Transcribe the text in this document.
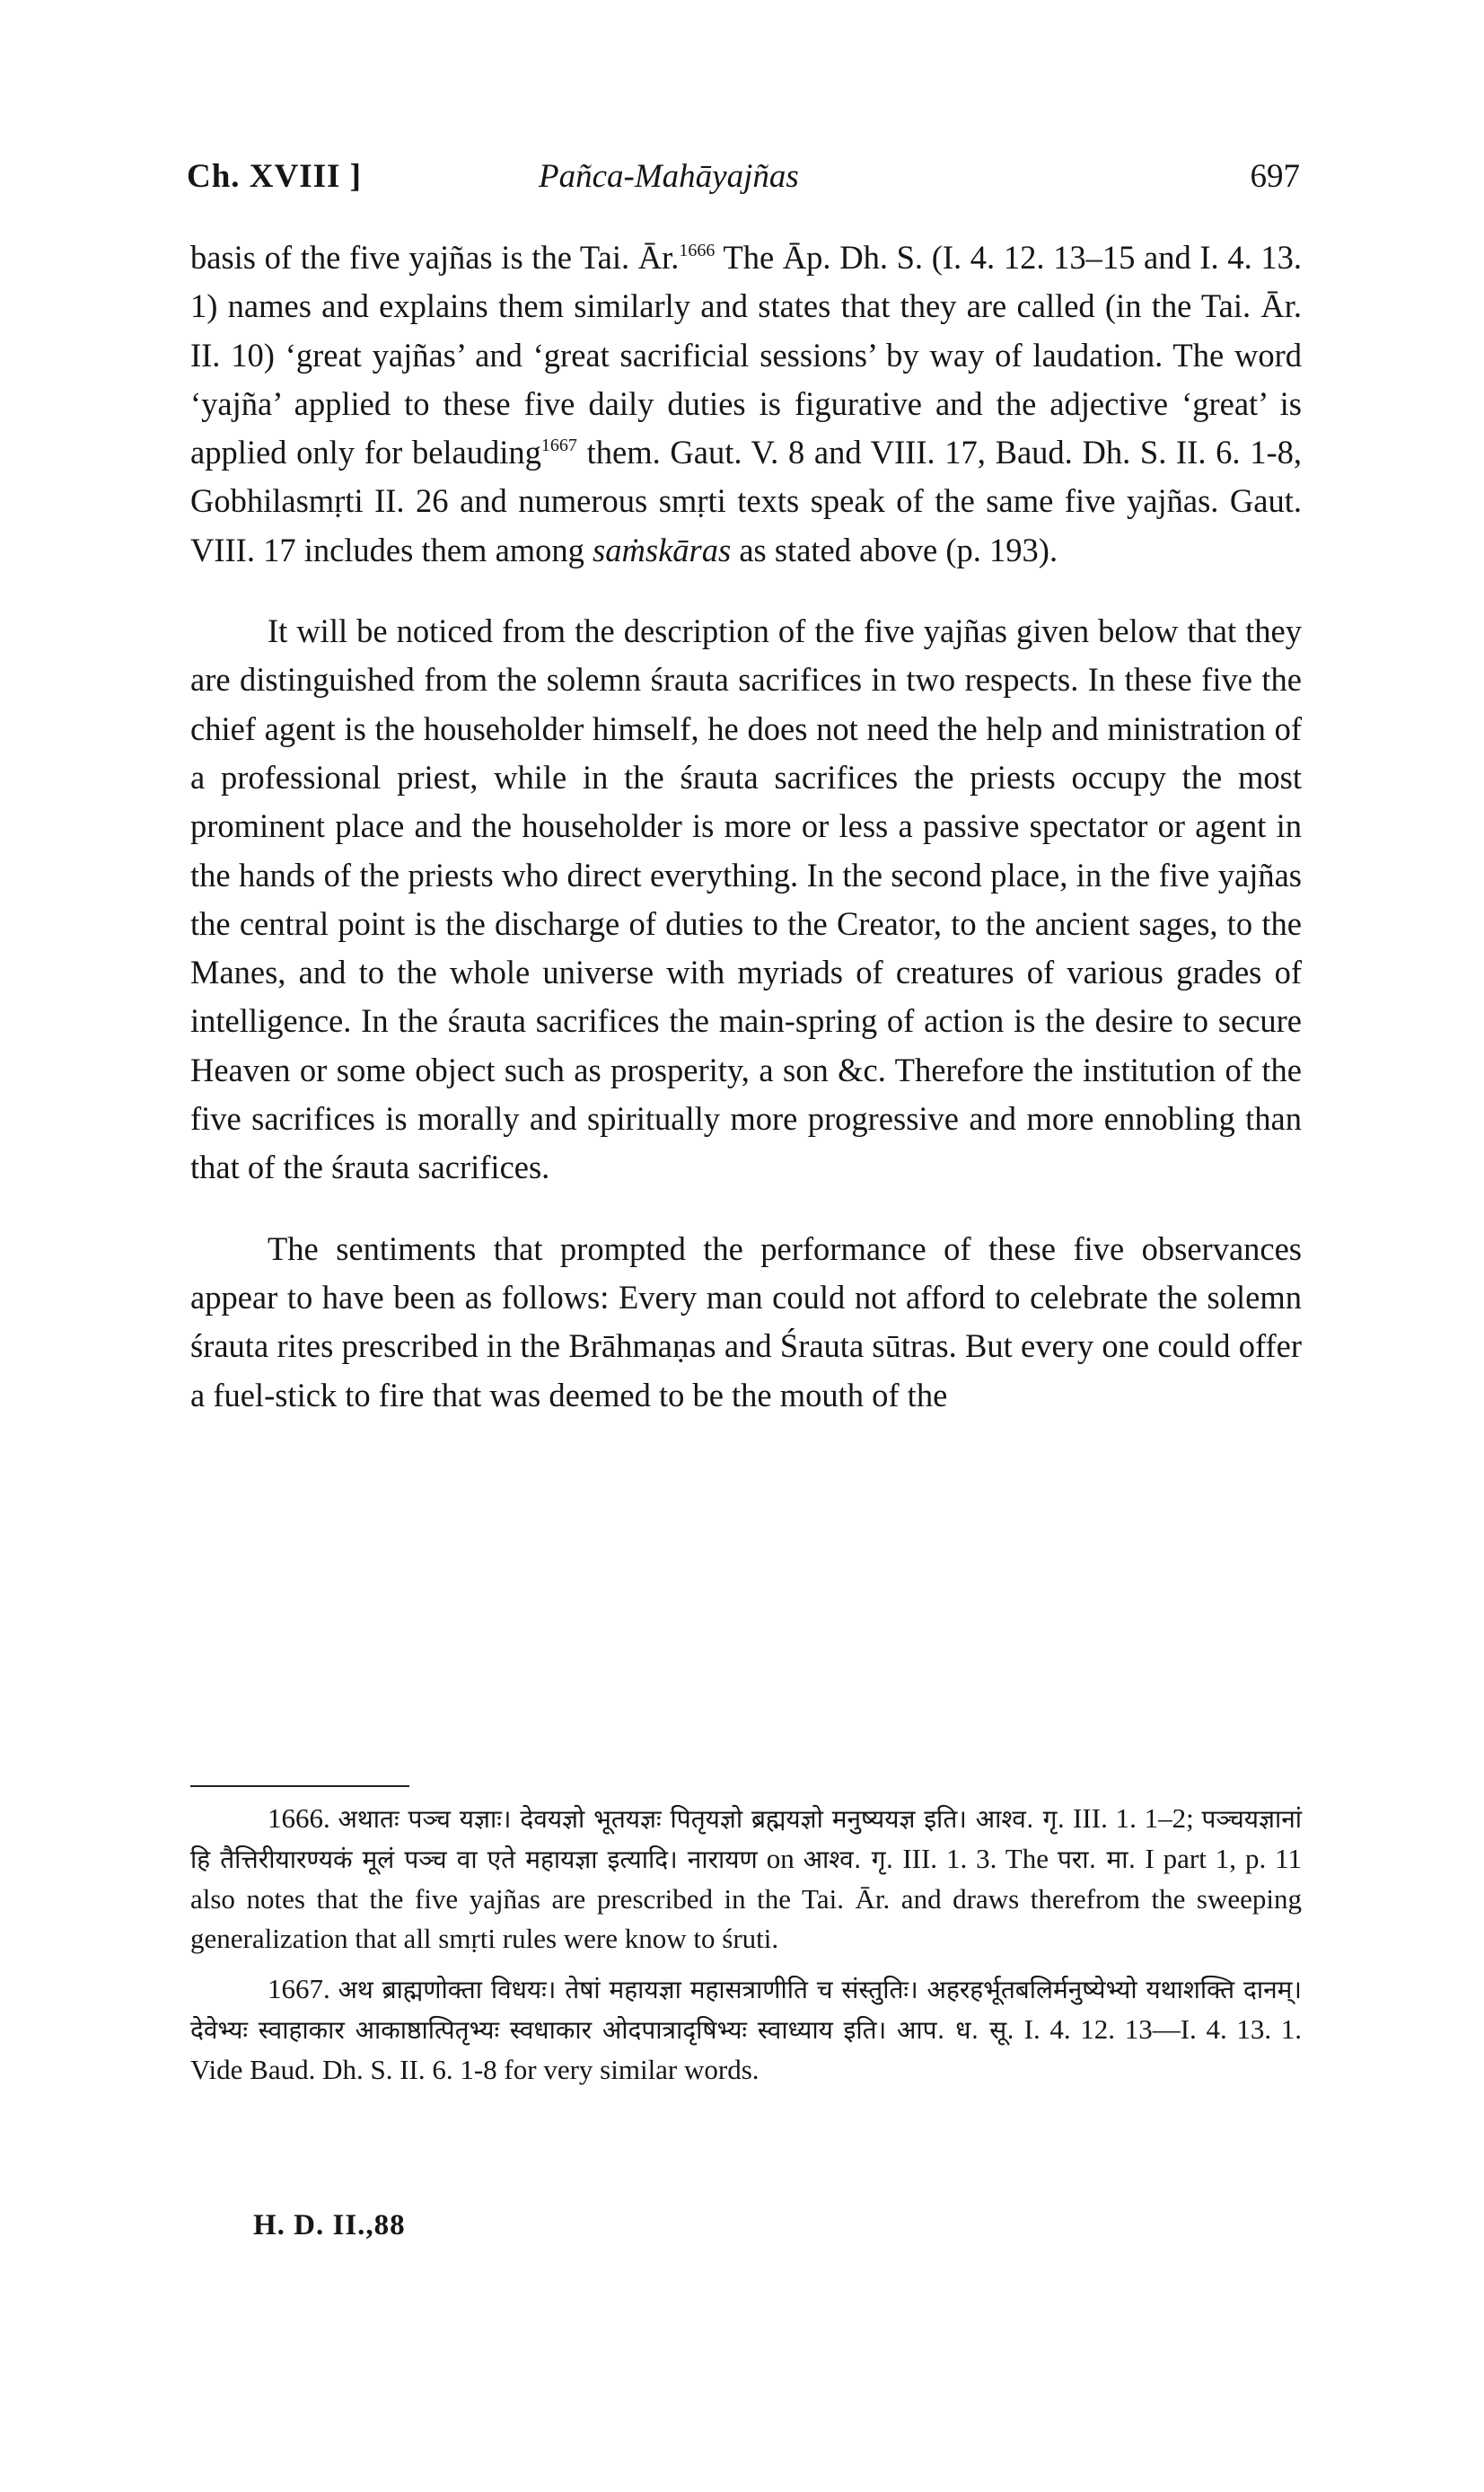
Ch. XVIII ]	Pañca-Mahāyajñas	697

basis of the five yajñas is the Tai. Ār.$^{1666}$ The Āp. Dh. S. (I. 4. 12. 13–15 and I. 4. 13. 1) names and explains them similarly and states that they are called (in the Tai. Ār. II. 10) ‘great yajñas’ and ‘great sacrificial sessions’ by way of laudation. The word ‘yajña’ applied to these five daily duties is figurative and the adjective ‘great’ is applied only for belauding$^{1667}$ them. Gaut. V. 8 and VIII. 17, Baud. Dh. S. II. 6. 1-8, Gobhilasmṛti II. 26 and numerous smṛti texts speak of the same five yajñas. Gaut. VIII. 17 includes them among saṁskāras as stated above (p. 193).

It will be noticed from the description of the five yajñas given below that they are distinguished from the solemn śrauta sacrifices in two respects. In these five the chief agent is the householder himself, he does not need the help and ministration of a professional priest, while in the śrauta sacrifices the priests occupy the most prominent place and the householder is more or less a passive spectator or agent in the hands of the priests who direct everything. In the second place, in the five yajñas the central point is the discharge of duties to the Creator, to the ancient sages, to the Manes, and to the whole universe with myriads of creatures of various grades of intelligence. In the śrauta sacrifices the main-spring of action is the desire to secure Heaven or some object such as prosperity, a son &c. Therefore the institution of the five sacrifices is morally and spiritually more progressive and more ennobling than that of the śrauta sacrifices.

The sentiments that prompted the performance of these five observances appear to have been as follows: Every man could not afford to celebrate the solemn śrauta rites prescribed in the Brāhmaṇas and Śrauta sūtras. But every one could offer a fuel-stick to fire that was deemed to be the mouth of the

1666. अथातः पञ्च यज्ञाः। देवयज्ञो भूतयज्ञः पितृयज्ञो ब्रह्मयज्ञो मनुष्ययज्ञ इति। आश्व. गृ. III. 1. 1–2; पञ्चयज्ञानां हि तैत्तिरीयारण्यकं मूलं पञ्च वा एते महायज्ञा इत्यादि। नारायण on आश्व. गृ. III. 1. 3. The परा. मा. I part 1, p. 11 also notes that the five yajñas are prescribed in the Tai. Ār. and draws therefrom the sweeping generalization that all smṛti rules were know to śruti.

1667. अथ ब्राह्मणोक्ता विधयः। तेषां महायज्ञा महासत्राणीति च संस्तुतिः। अहरहर्भूतबलिर्मनुष्येभ्यो यथाशक्ति दानम्। देवेभ्यः स्वाहाकार आकाष्ठात्पितृभ्यः स्वधाकार ओदपात्रादृषिभ्यः स्वाध्याय इति। आप. ध. सू. I. 4. 12. 13—I. 4. 13. 1. Vide Baud. Dh. S. II. 6. 1-8 for very similar words.

H. D. II.,88
